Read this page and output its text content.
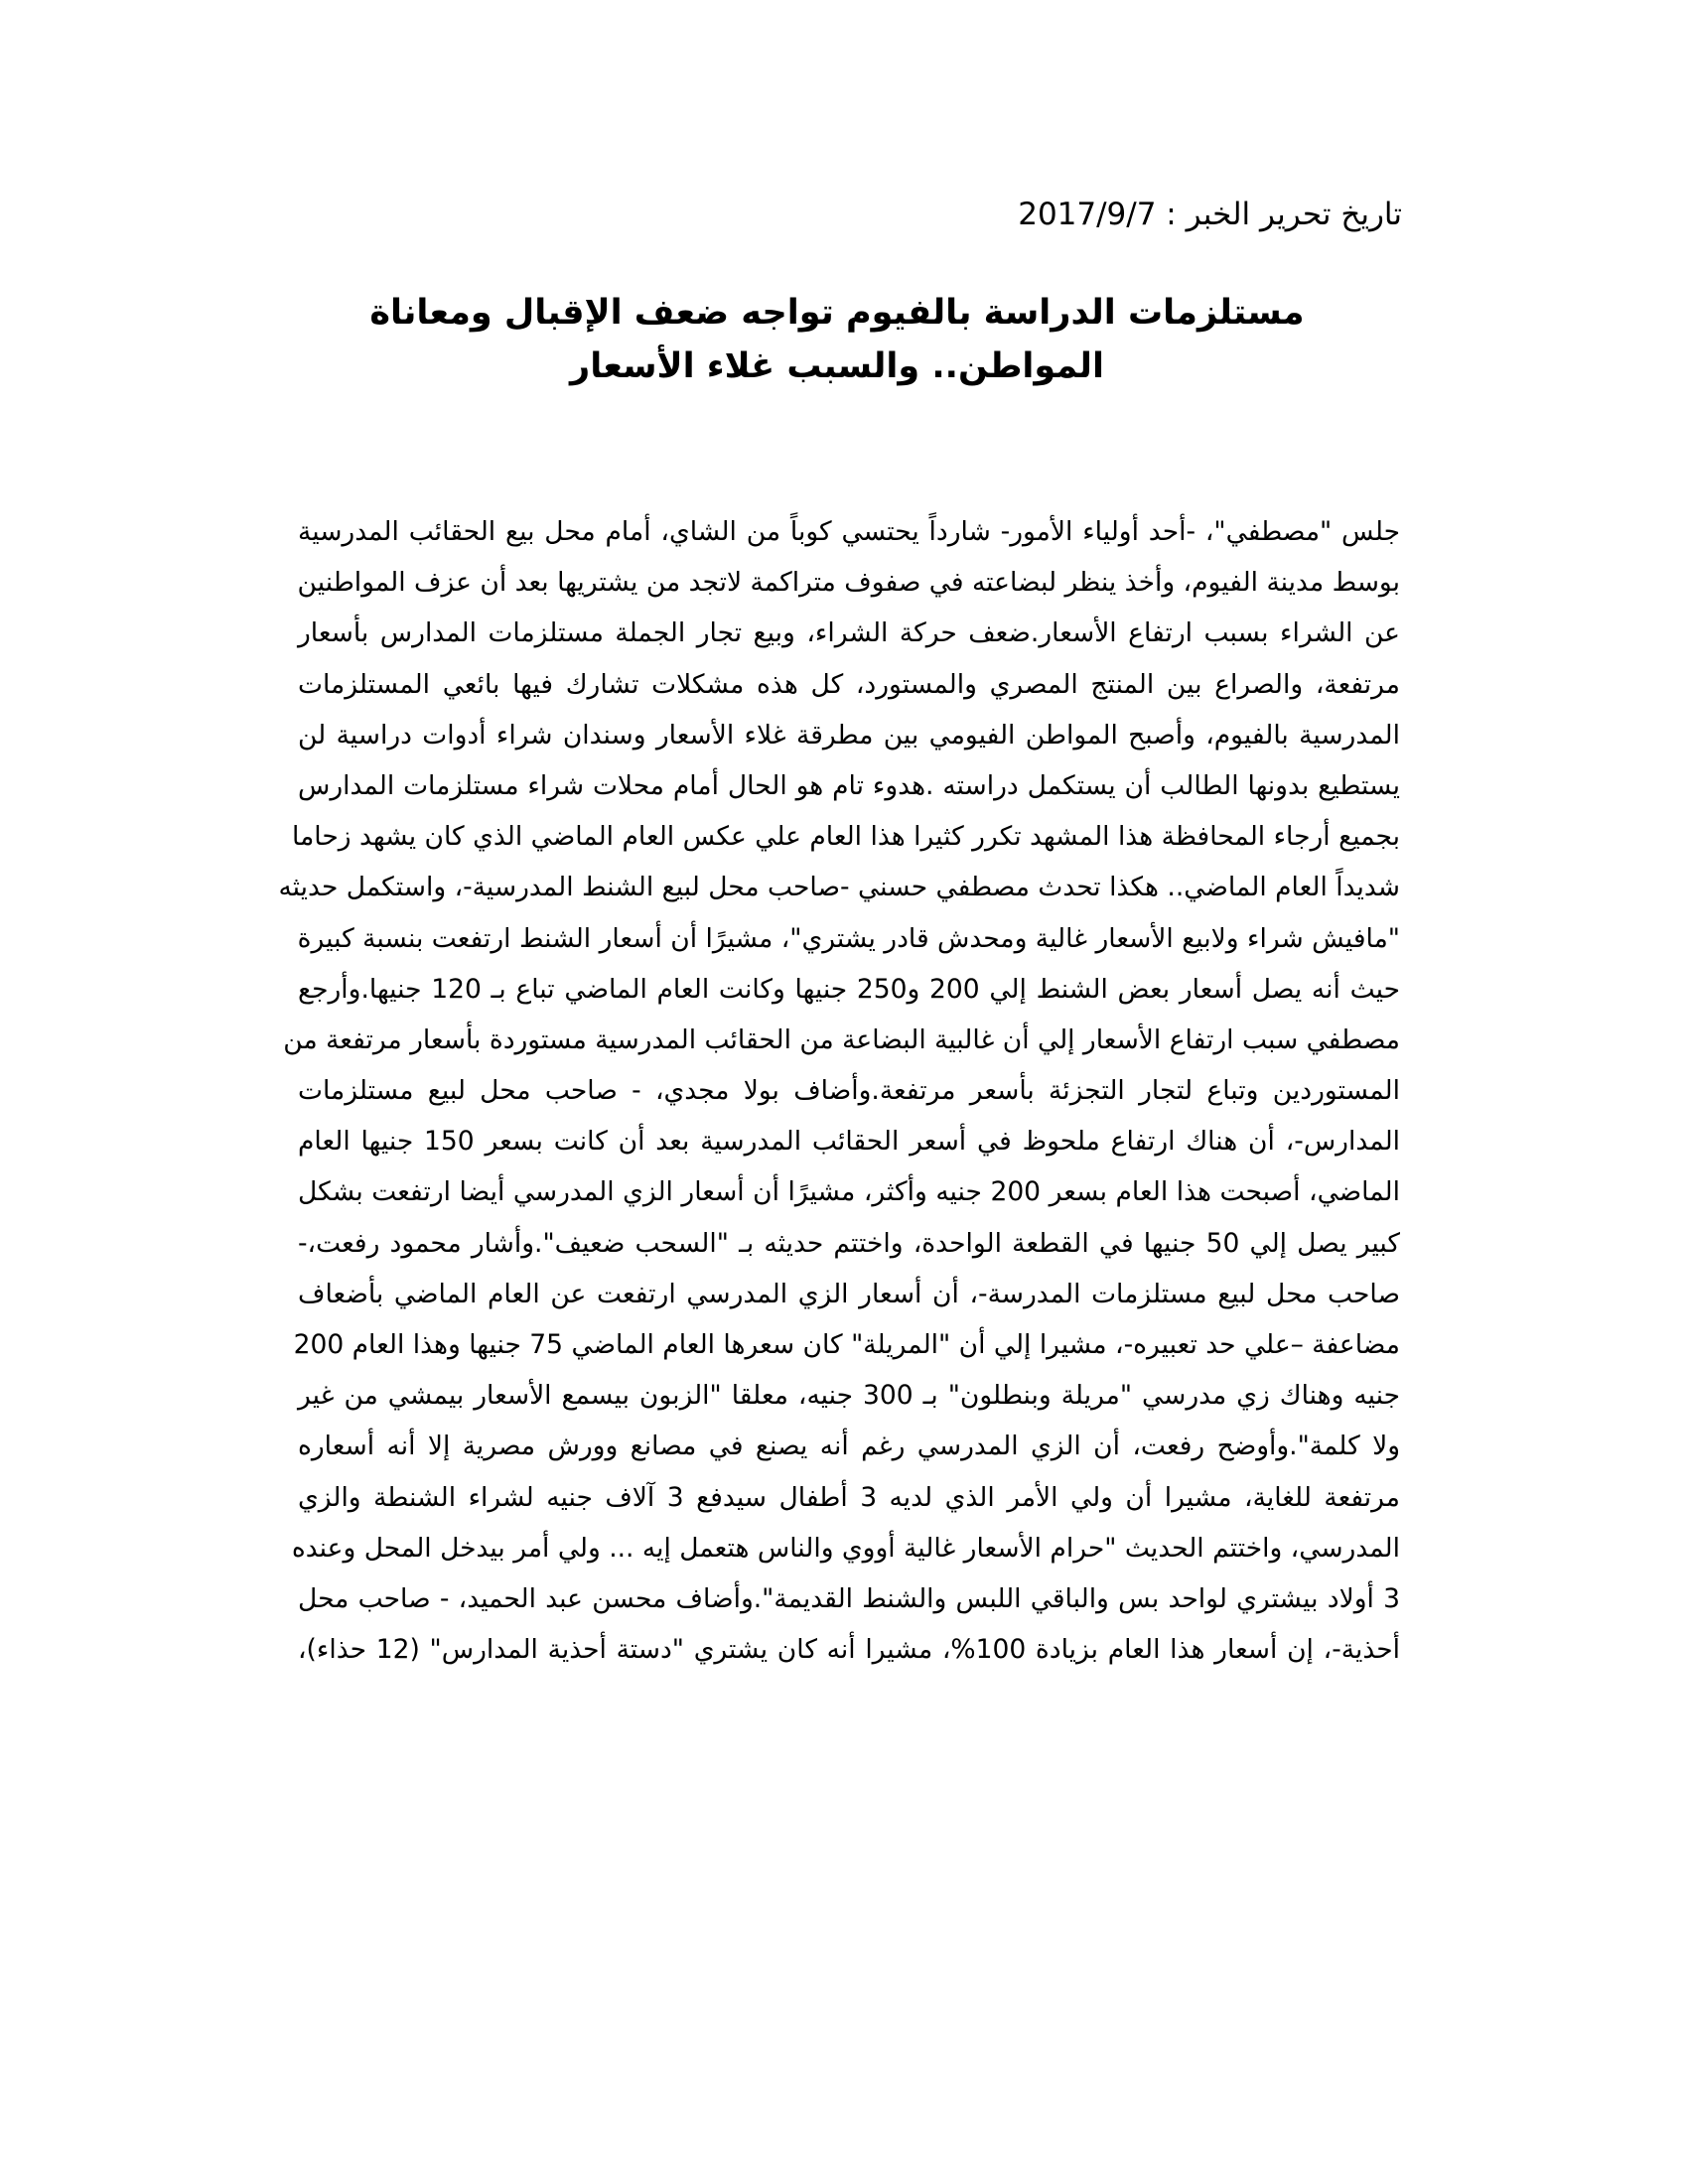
تاريخ تحرير الخبر : 2017/9/7
مستلزمات الدراسة بالفيوم تواجه ضعف الإقبال ومعاناة المواطن.. والسبب غلاء الأسعار
جلس "مصطفي"، -أحد أولياء الأمور- شارداً يحتسي كوباً من الشاي، أمام محل بيع الحقائب المدرسية
بوسط مدينة الفيوم، وأخذ ينظر لبضاعته في صفوف متراكمة لاتجد من يشتريها بعد أن عزف المواطنين
عن الشراء بسبب ارتفاع الأسعار.ضعف حركة الشراء، وبيع تجار الجملة مستلزمات المدارس بأسعار
مرتفعة، والصراع بين المنتج المصري والمستورد، كل هذه مشكلات تشارك فيها بائعي المستلزمات
المدرسية بالفيوم، وأصبح المواطن الفيومي بين مطرقة غلاء الأسعار وسندان شراء أدوات دراسية لن
يستطيع بدونها الطالب أن يستكمل دراسته .هدوء تام هو الحال أمام محلات شراء مستلزمات المدارس
بجميع أرجاء المحافظة هذا المشهد تكرر كثيرا هذا العام علي عكس العام الماضي الذي كان يشهد زحاما
شديداً العام الماضي.. هكذا تحدث مصطفي حسني -صاحب محل لبيع الشنط المدرسية-، واستكمل حديثه
"مافيش شراء ولابيع الأسعار غالية ومحدش قادر يشتري"، مشيرًا أن أسعار الشنط ارتفعت بنسبة كبيرة
حيث أنه يصل أسعار بعض الشنط إلي 200 و250 جنيها وكانت العام الماضي تباع بـ 120 جنيها.وأرجع
مصطفي سبب ارتفاع الأسعار إلي أن غالبية البضاعة من الحقائب المدرسية مستوردة بأسعار مرتفعة من
المستوردين وتباع لتجار التجزئة بأسعر مرتفعة.وأضاف بولا مجدي، - صاحب محل لبيع مستلزمات
المدارس-، أن هناك ارتفاع ملحوظ في أسعر الحقائب المدرسية بعد أن كانت بسعر 150 جنيها العام
الماضي، أصبحت هذا العام بسعر 200 جنيه وأكثر، مشيرًا أن أسعار الزي المدرسي أيضا ارتفعت بشكل
كبير يصل إلي 50 جنيها في القطعة الواحدة، واختتم حديثه بـ "السحب ضعيف".وأشار محمود رفعت،-
صاحب محل لبيع مستلزمات المدرسة-، أن أسعار الزي المدرسي ارتفعت عن العام الماضي بأضعاف
مضاعفة –علي حد تعبيره-، مشيرا إلي أن "المريلة" كان سعرها العام الماضي 75 جنيها وهذا العام 200
جنيه وهناك زي مدرسي "مريلة وبنطلون" بـ 300 جنيه، معلقا "الزبون بيسمع الأسعار بيمشي من غير
ولا كلمة".وأوضح رفعت، أن الزي المدرسي رغم أنه يصنع في مصانع وورش مصرية إلا أنه أسعاره
مرتفعة للغاية، مشيرا أن ولي الأمر الذي لديه 3 أطفال سيدفع 3 آلاف جنيه لشراء الشنطة والزي
المدرسي، واختتم الحديث "حرام الأسعار غالية أووي والناس هتعمل إيه ... ولي أمر بيدخل المحل وعنده
3 أولاد بيشتري لواحد بس والباقي اللبس والشنط القديمة".وأضاف محسن عبد الحميد، - صاحب محل
أحذية-، إن أسعار هذا العام بزيادة 100%، مشيرا أنه كان يشتري "دستة أحذية المدارس" (12 حذاء)،
